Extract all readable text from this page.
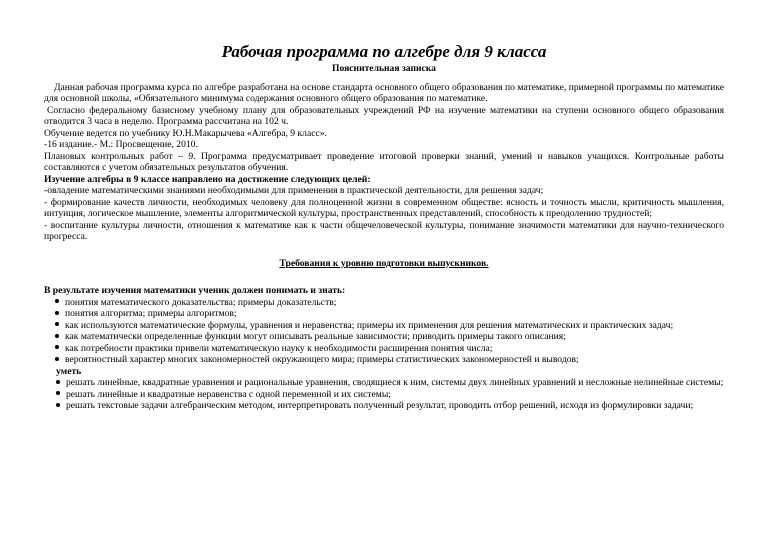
Рабочая программа по алгебре для 9 класса
Пояснительная записка

Данная рабочая программа курса по алгебре разработана на основе стандарта основного общего образования по математике, примерной программы по математике для основной школы, «Обязательного минимума содержания основного общего образования по математике.

Согласно федеральному базисному учебному плану для образовательных учреждений РФ на изучение математики на ступени основного общего образования отводится 3 часа в неделю. Программа рассчитана на 102 ч.

Обучение ведется по учебнику Ю.Н.Макарычева «Алгебра, 9 класс».

-16 издание.- М.: Просвещение, 2010.

Плановых контрольных работ – 9. Программа предусматривает проведение итоговой проверки знаний, умений и навыков учащихся. Контрольные работы составляются с учетом обязательных результатов обучения.

Изучение алгебры в 9 классе направлено на достижение следующих целей:

-овладение математическими знаниями необходимыми для применения в практической деятельности, для решения задач;

- формирование качеств личности, необходимых человеку для полноценной жизни в современном обществе: ясность и точность мысли, критичность мышления, интуиция, логическое мышление, элементы алгоритмической культуры, пространственных представлений, способность к преодолению трудностей;

- воспитание культуры личности, отношения к математике как к части общечеловеческой культуры, понимание значимости математики для научно-технического прогресса.

Требования к уровню подготовки выпускников.

В результате изучения математики ученик должен понимать и знать:

понятия математического доказательства; примеры доказательств;
понятия алгоритма; примеры алгоритмов;
как используются математические формулы, уравнения и неравенства; примеры их применения для решения математических и практических задач;
как математически определенные функции могут описывать реальные зависимости; приводить примеры такого описания;
как потребности практики привели математическую науку к необходимости расширения понятия числа;
вероятностный характер многих закономерностей окружающего мира; примеры статистических закономерностей и выводов;
уметь
решать линейные, квадратные уравнения и рациональные уравнения, сводящиеся к ним, системы двух линейных уравнений и несложные нелинейные системы;
решать линейные и квадратные неравенства с одной переменной и их системы;
решать текстовые задачи алгебраическим методом, интерпретировать полученный результат, проводить отбор решений, исходя из формулировки задачи;
